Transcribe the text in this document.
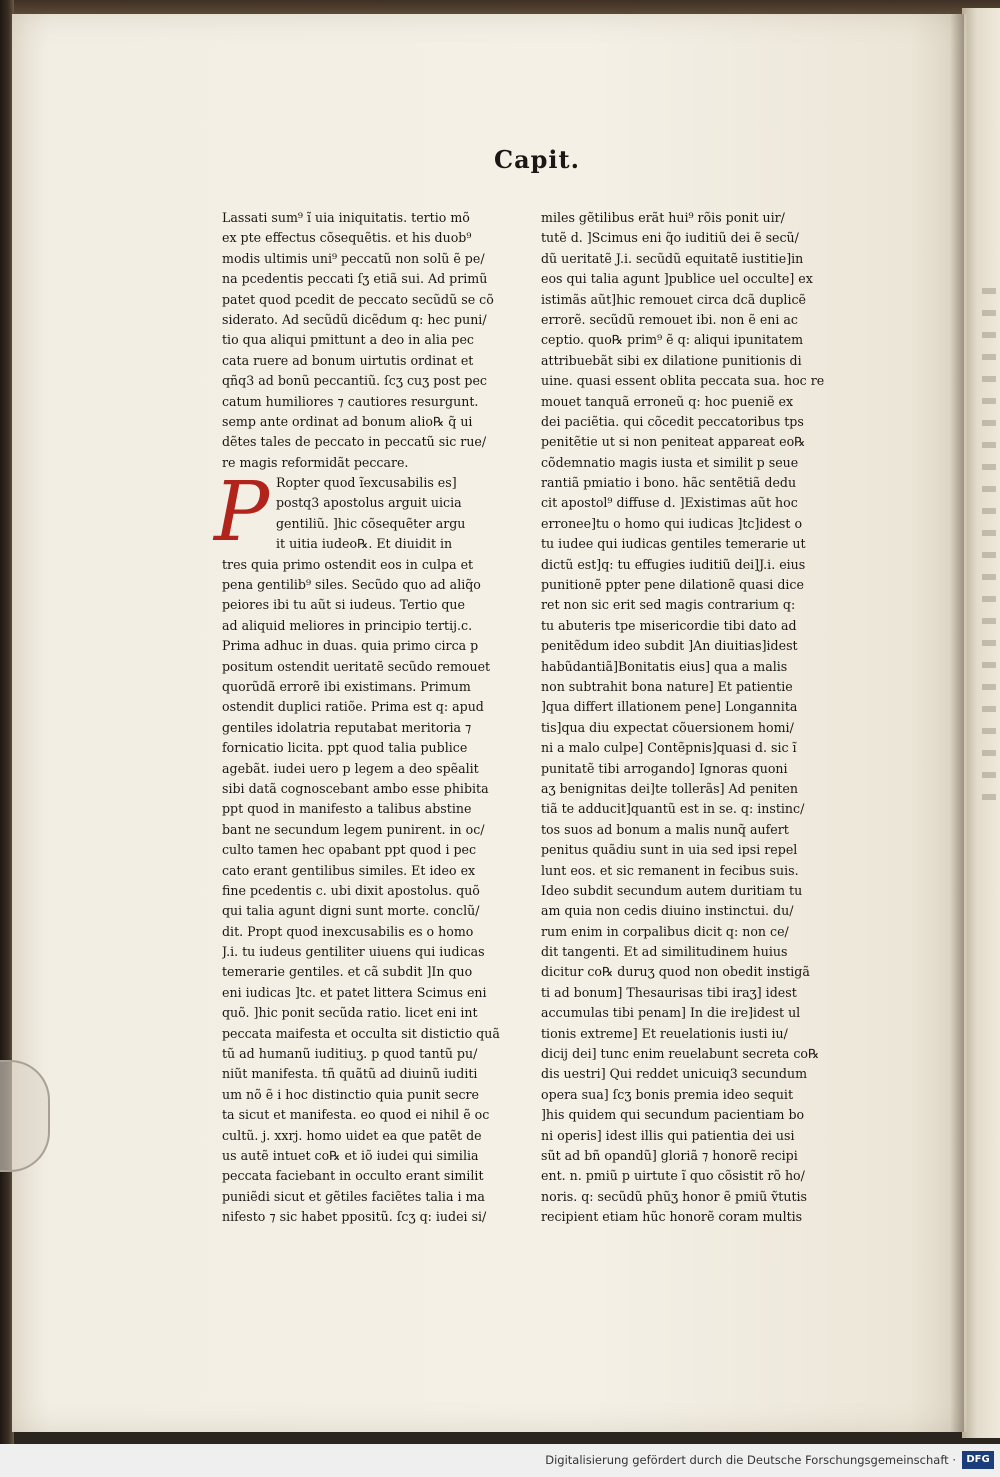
Capit.
Lassati sum⁹ ĩ uia iniquitatis. tertio mõ
ex pte effectus cõsequẽtis. et his duob⁹
modis ultimis uni⁹ peccatũ non solũ ẽ pe/
na pcedentis peccati ſʒ etiã sui. Ad primũ
patet quod pcedit de peccato secũdũ se cõ
siderato. Ad secũdũ dicẽdum q: hec puni/
tio qua aliqui pmittunt a deo in alia pec
cata ruere ad bonum uirtutis ordinat et
qñq3 ad bonũ peccantiũ. ſcʒ cuʒ post pec
catum humiliores ⁊ cautiores resurgunt.
semp ante ordinat ad bonum alio℞ q̃ ui
dẽtes tales de peccato in peccatũ sic rue/
re magis reformidãt peccare.
P Ropter quod ĩexcusabilis es]
postq3 apostolus arguit uicia
gentiliũ. ]hic cõsequẽter argu
it uitia iudeo℞. Et diuidit in
tres quia primo ostendit eos in culpa et
pena gentilib⁹ siles. Secũdo quo ad aliq̃o
peiores ibi tu aũt si iudeus. Tertio que
ad aliquid meliores in principio tertij.c.
Prima adhuc in duas. quia primo circa p
positum ostendit ueritatẽ secũdo remouet
quorũdã errorẽ ibi existimans. Primum
ostendit duplici ratiõe. Prima est q: apud
gentiles idolatria reputabat meritoria ⁊
fornicatio licita. ppt quod talia publice
agebãt. iudei uero p legem a deo spẽalit
sibi datã cognoscebant ambo esse phibita
ppt quod in manifesto a talibus abstine
bant ne secundum legem punirent. in oc/
culto tamen hec opabant ppt quod i pec
cato erant gentilibus similes. Et ideo ex
fine pcedentis c. ubi dixit apostolus. quõ
qui talia agunt digni sunt morte. conclũ/
dit. Propt quod inexcusabilis es o homo
J.i. tu iudeus gentiliter uiuens qui iudicas
temerarie gentiles. et cã subdit ]In quo
eni iudicas ]tc. et patet littera Scimus eni
quõ. ]hic ponit secũda ratio. licet eni int
peccata maifesta et occulta sit distictio quã
tũ ad humanũ iuditiuʒ. p quod tantũ pu/
niũt manifesta. tñ quãtũ ad diuinũ iuditi
um nõ ẽ i hoc distinctio quia punit secre
ta sicut et manifesta. eo quod ei nihil ẽ oc
cultũ. j. xxrj. homo uidet ea que patẽt de
us autẽ intuet co℞ et iõ iudei qui similia
peccata faciebant in occulto erant similit
puniẽdi sicut et gẽtiles faciẽtes talia i ma
nifesto ⁊ sic habet ppositũ. ſcʒ q: iudei si/
miles gẽtilibus erãt hui⁹ rõis ponit uir/
tutẽ d. ]Scimus eni q̃o iuditiũ dei ẽ secũ/
dũ ueritatẽ J.i. secũdũ equitatẽ iustitie]in
eos qui talia agunt ]publice uel occulte] ex
istimãs aũt]hic remouet circa dcã duplicẽ
errorẽ. secũdũ remouet ibi. non ẽ eni ac
ceptio. quo℞ prim⁹ ẽ q: aliqui ipunitatem
attribuebãt sibi ex dilatione punitionis di
uine. quasi essent oblita peccata sua. hoc re
mouet tanquã erroneũ q: hoc pueniẽ ex
dei paciẽtia. qui cõcedit peccatoribus tps
penitẽtie ut si non peniteat appareat eo℞
cõdemnatio magis iusta et similit p seue
rantiã pmiatio i bono. hãc sentẽtiã dedu
cit apostol⁹ diffuse d. ]Existimas aũt hoc
erronee]tu o homo qui iudicas ]tc]idest o
tu iudee qui iudicas gentiles temerarie ut
dictũ est]q: tu effugies iuditiũ dei]J.i. eius
punitionẽ ppter pene dilationẽ quasi dice
ret non sic erit sed magis contrarium q:
tu abuteris tpe misericordie tibi dato ad
penitẽdum ideo subdit ]An diuitias]idest
habũdantiã]Bonitatis eius] qua a malis
non subtrahit bona nature] Et patientie
]qua differt illationem pene] Longannita
tis]qua diu expectat cõuersionem homi/
ni a malo culpe] Contẽpnis]quasi d. sic ĩ
punitatẽ tibi arrogando] Ignoras quoni
aʒ benignitas dei]te tollerãs] Ad peniten
tiã te adducit]quantũ est in se. q: instinc/
tos suos ad bonum a malis nunq̃ aufert
penitus quãdiu sunt in uia sed ipsi repel
lunt eos. et sic remanent in fecibus suis.
Ideo subdit secundum autem duritiam tu
am quia non cedis diuino instinctui. du/
rum enim in corpalibus dicit q: non ce/
dit tangenti. Et ad similitudinem huius
dicitur co℞ duruʒ quod non obedit instigã
ti ad bonum] Thesaurisas tibi iraʒ] idest
accumulas tibi penam] In die ire]idest ul
tionis extreme] Et reuelationis iusti iu/
dicij dei] tunc enim reuelabunt secreta co℞
dis uestri] Qui reddet unicuiq3 secundum
opera sua] ſcʒ bonis premia ideo sequit
]his quidem qui secundum pacientiam bo
ni operis] idest illis qui patientia dei usi
sũt ad bñ opandũ] gloriã ⁊ honorẽ recipi
ent. n. pmiũ p uirtute ĩ quo cõsistit rõ ho/
noris. q: secũdũ phũʒ honor ẽ pmiũ ṽtutis
recipient etiam hũc honorẽ coram multis
Digitalisierung gefördert durch die Deutsche Forschungsgemeinschaft ·	DFG
